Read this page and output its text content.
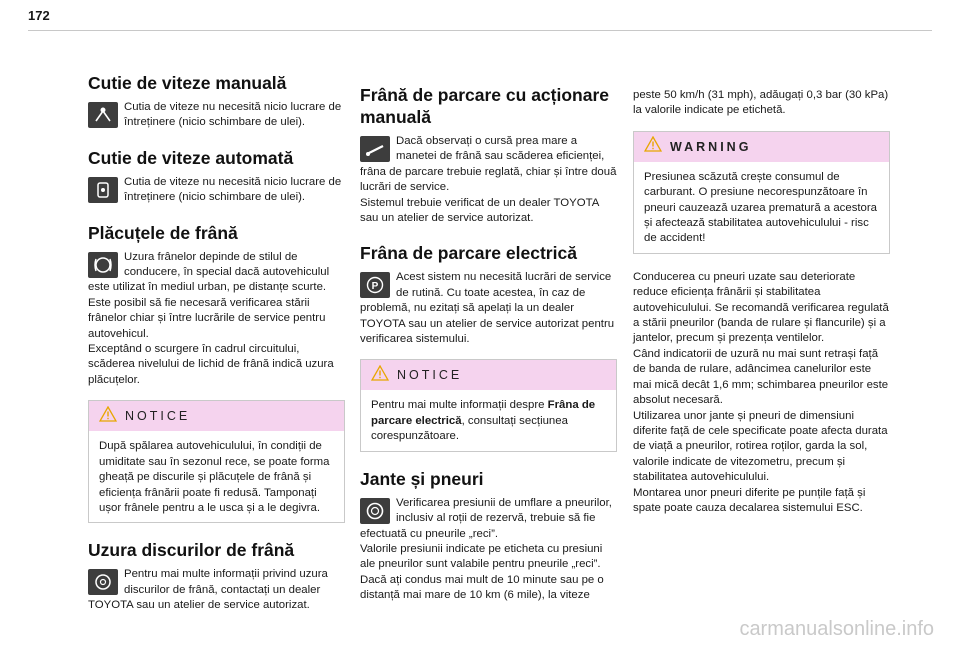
172
Cutie de viteze manuală

Cutia de viteze nu necesită nicio lucrare de întreținere (nicio schimbare de ulei).

Cutie de viteze automată

Cutia de viteze nu necesită nicio lucrare de întreținere (nicio schimbare de ulei).

Plăcuțele de frână

Uzura frânelor depinde de stilul de conducere, în special dacă autovehiculul este utilizat în mediul urban, pe distanțe scurte. Este posibil să fie necesară verificarea stării frânelor chiar și între lucrările de service pentru autovehicul.

Exceptând o scurgere în cadrul circuitului, scăderea nivelului de lichid de frână indică uzura plăcuțelor.

NOTICE

După spălarea autovehiculului, în condiții de umiditate sau în sezonul rece, se poate forma gheață pe discurile și plăcuțele de frână și eficiența frânării poate fi redusă. Tamponați ușor frânele pentru a le usca și a le degivra.

Uzura discurilor de frână

Pentru mai multe informații privind uzura discurilor de frână, contactați un dealer TOYOTA sau un atelier de service autorizat.

Frână de parcare cu acționare manuală

Dacă observați o cursă prea mare a manetei de frână sau scăderea eficienței, frâna de parcare trebuie reglată, chiar și între două lucrări de service.

Sistemul trebuie verificat de un dealer TOYOTA sau un atelier de service autorizat.

Frâna de parcare electrică
P

Acest sistem nu necesită lucrări de service de rutină. Cu toate acestea, în caz de problemă, nu ezitați să apelați la un dealer TOYOTA sau un atelier de service autorizat pentru verificarea sistemului.

NOTICE

Pentru mai multe informații despre Frâna de parcare electrică, consultați secțiunea corespunzătoare.

Jante și pneuri

Verificarea presiunii de umflare a pneurilor, inclusiv al roții de rezervă, trebuie să fie efectuată cu pneurile „reci”.

Valorile presiunii indicate pe eticheta cu presiuni ale pneurilor sunt valabile pentru pneurile „reci”. Dacă ați condus mai mult de 10 minute sau pe o distanță mai mare de 10 km (6 mile), la viteze

peste 50 km/h (31 mph), adăugați 0,3 bar (30 kPa) la valorile indicate pe etichetă.

WARNING

Presiunea scăzută crește consumul de carburant. O presiune necorespunzătoare în pneuri cauzează uzarea prematură a acestora și afectează stabilitatea autovehiculului - risc de accident!

Conducerea cu pneuri uzate sau deteriorate reduce eficiența frânării și stabilitatea autovehiculului. Se recomandă verificarea regulată a stării pneurilor (banda de rulare și flancurile) și a jantelor, precum și prezența ventilelor.

Când indicatorii de uzură nu mai sunt retrași față de banda de rulare, adâncimea canelurilor este mai mică decât 1,6 mm; schimbarea pneurilor este absolut necesară.

Utilizarea unor jante și pneuri de dimensiuni diferite față de cele specificate poate afecta durata de viață a pneurilor, rotirea roților, garda la sol, valorile indicate de vitezometru, precum și stabilitatea autovehiculului.

Montarea unor pneuri diferite pe punțile față și spate poate cauza decalarea sistemului ESC.

carmanualsonline.info
